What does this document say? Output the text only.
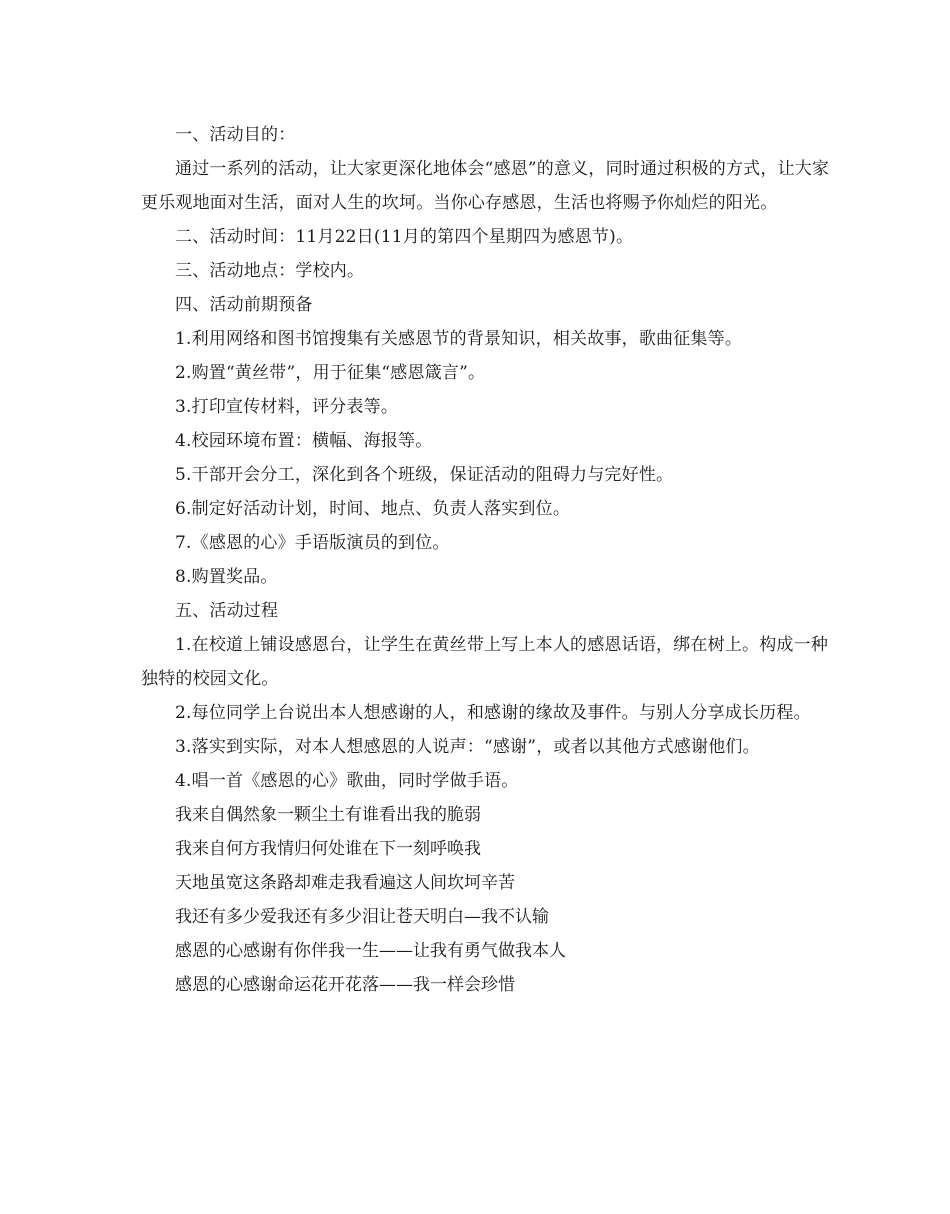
一、活动目的：

通过一系列的活动，让大家更深化地体会“感恩”的意义，同时通过积极的方式，让大家更乐观地面对生活，面对人生的坎坷。当你心存感恩，生活也将赐予你灿烂的阳光。

二、活动时间：11月22日(11月的第四个星期四为感恩节)。

三、活动地点：学校内。

四、活动前期预备

1.利用网络和图书馆搜集有关感恩节的背景知识，相关故事，歌曲征集等。

2.购置“黄丝带”，用于征集“感恩箴言”。

3.打印宣传材料，评分表等。

4.校园环境布置：横幅、海报等。

5.干部开会分工，深化到各个班级，保证活动的阻碍力与完好性。

6.制定好活动计划，时间、地点、负责人落实到位。

7.《感恩的心》手语版演员的到位。

8.购置奖品。

五、活动过程

1.在校道上铺设感恩台，让学生在黄丝带上写上本人的感恩话语，绑在树上。构成一种独特的校园文化。

2.每位同学上台说出本人想感谢的人，和感谢的缘故及事件。与别人分享成长历程。

3.落实到实际，对本人想感恩的人说声：“感谢”，或者以其他方式感谢他们。

4.唱一首《感恩的心》歌曲，同时学做手语。

我来自偶然象一颗尘土有谁看出我的脆弱

我来自何方我情归何处谁在下一刻呼唤我

天地虽宽这条路却难走我看遍这人间坎坷辛苦

我还有多少爱我还有多少泪让苍天明白—我不认输

感恩的心感谢有你伴我一生——让我有勇气做我本人

感恩的心感谢命运花开花落——我一样会珍惜
